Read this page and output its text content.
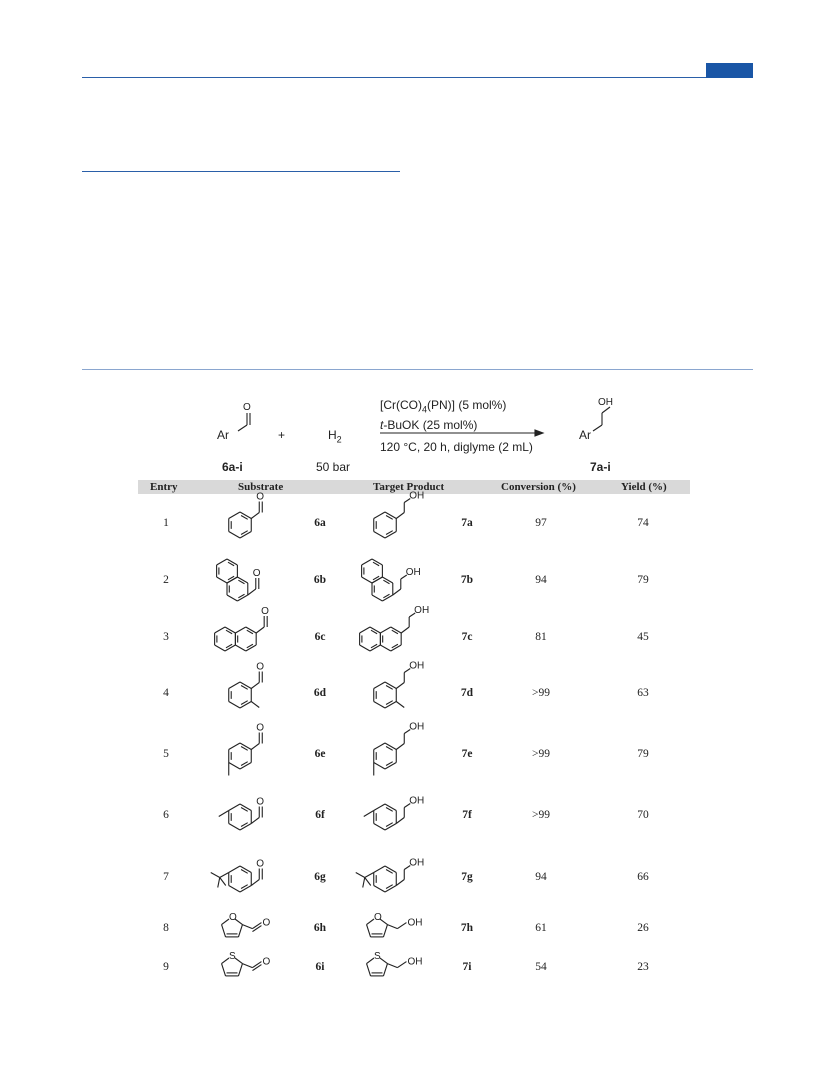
O
Ar	+	$H_2$
$[Cr(CO)_4(PN)]$ (5 mol%)
t-BuOK (25 mol%)
120 °C, 20 h, diglyme (2 mL)
50 bar
6a-i
OH
Ar
7a-i
Entry	Substrate	Target Product	Conversion (%)	Yield (%)
1	6a	7a	97	74
2	6b	7b	94	79
3	6c	7c	81	45
4	6d	7d	>99	63
5	6e	7e	>99	79
6	6f	7f	>99	70
7	6g	7g	94	66
8	6h	7h	61	26
9	6i	7i	54	23
O	OH
O	OH
O	OH
O	OH
O	OH
O	OH
O	OH
O
O
O
OH
S
O
S
OH
